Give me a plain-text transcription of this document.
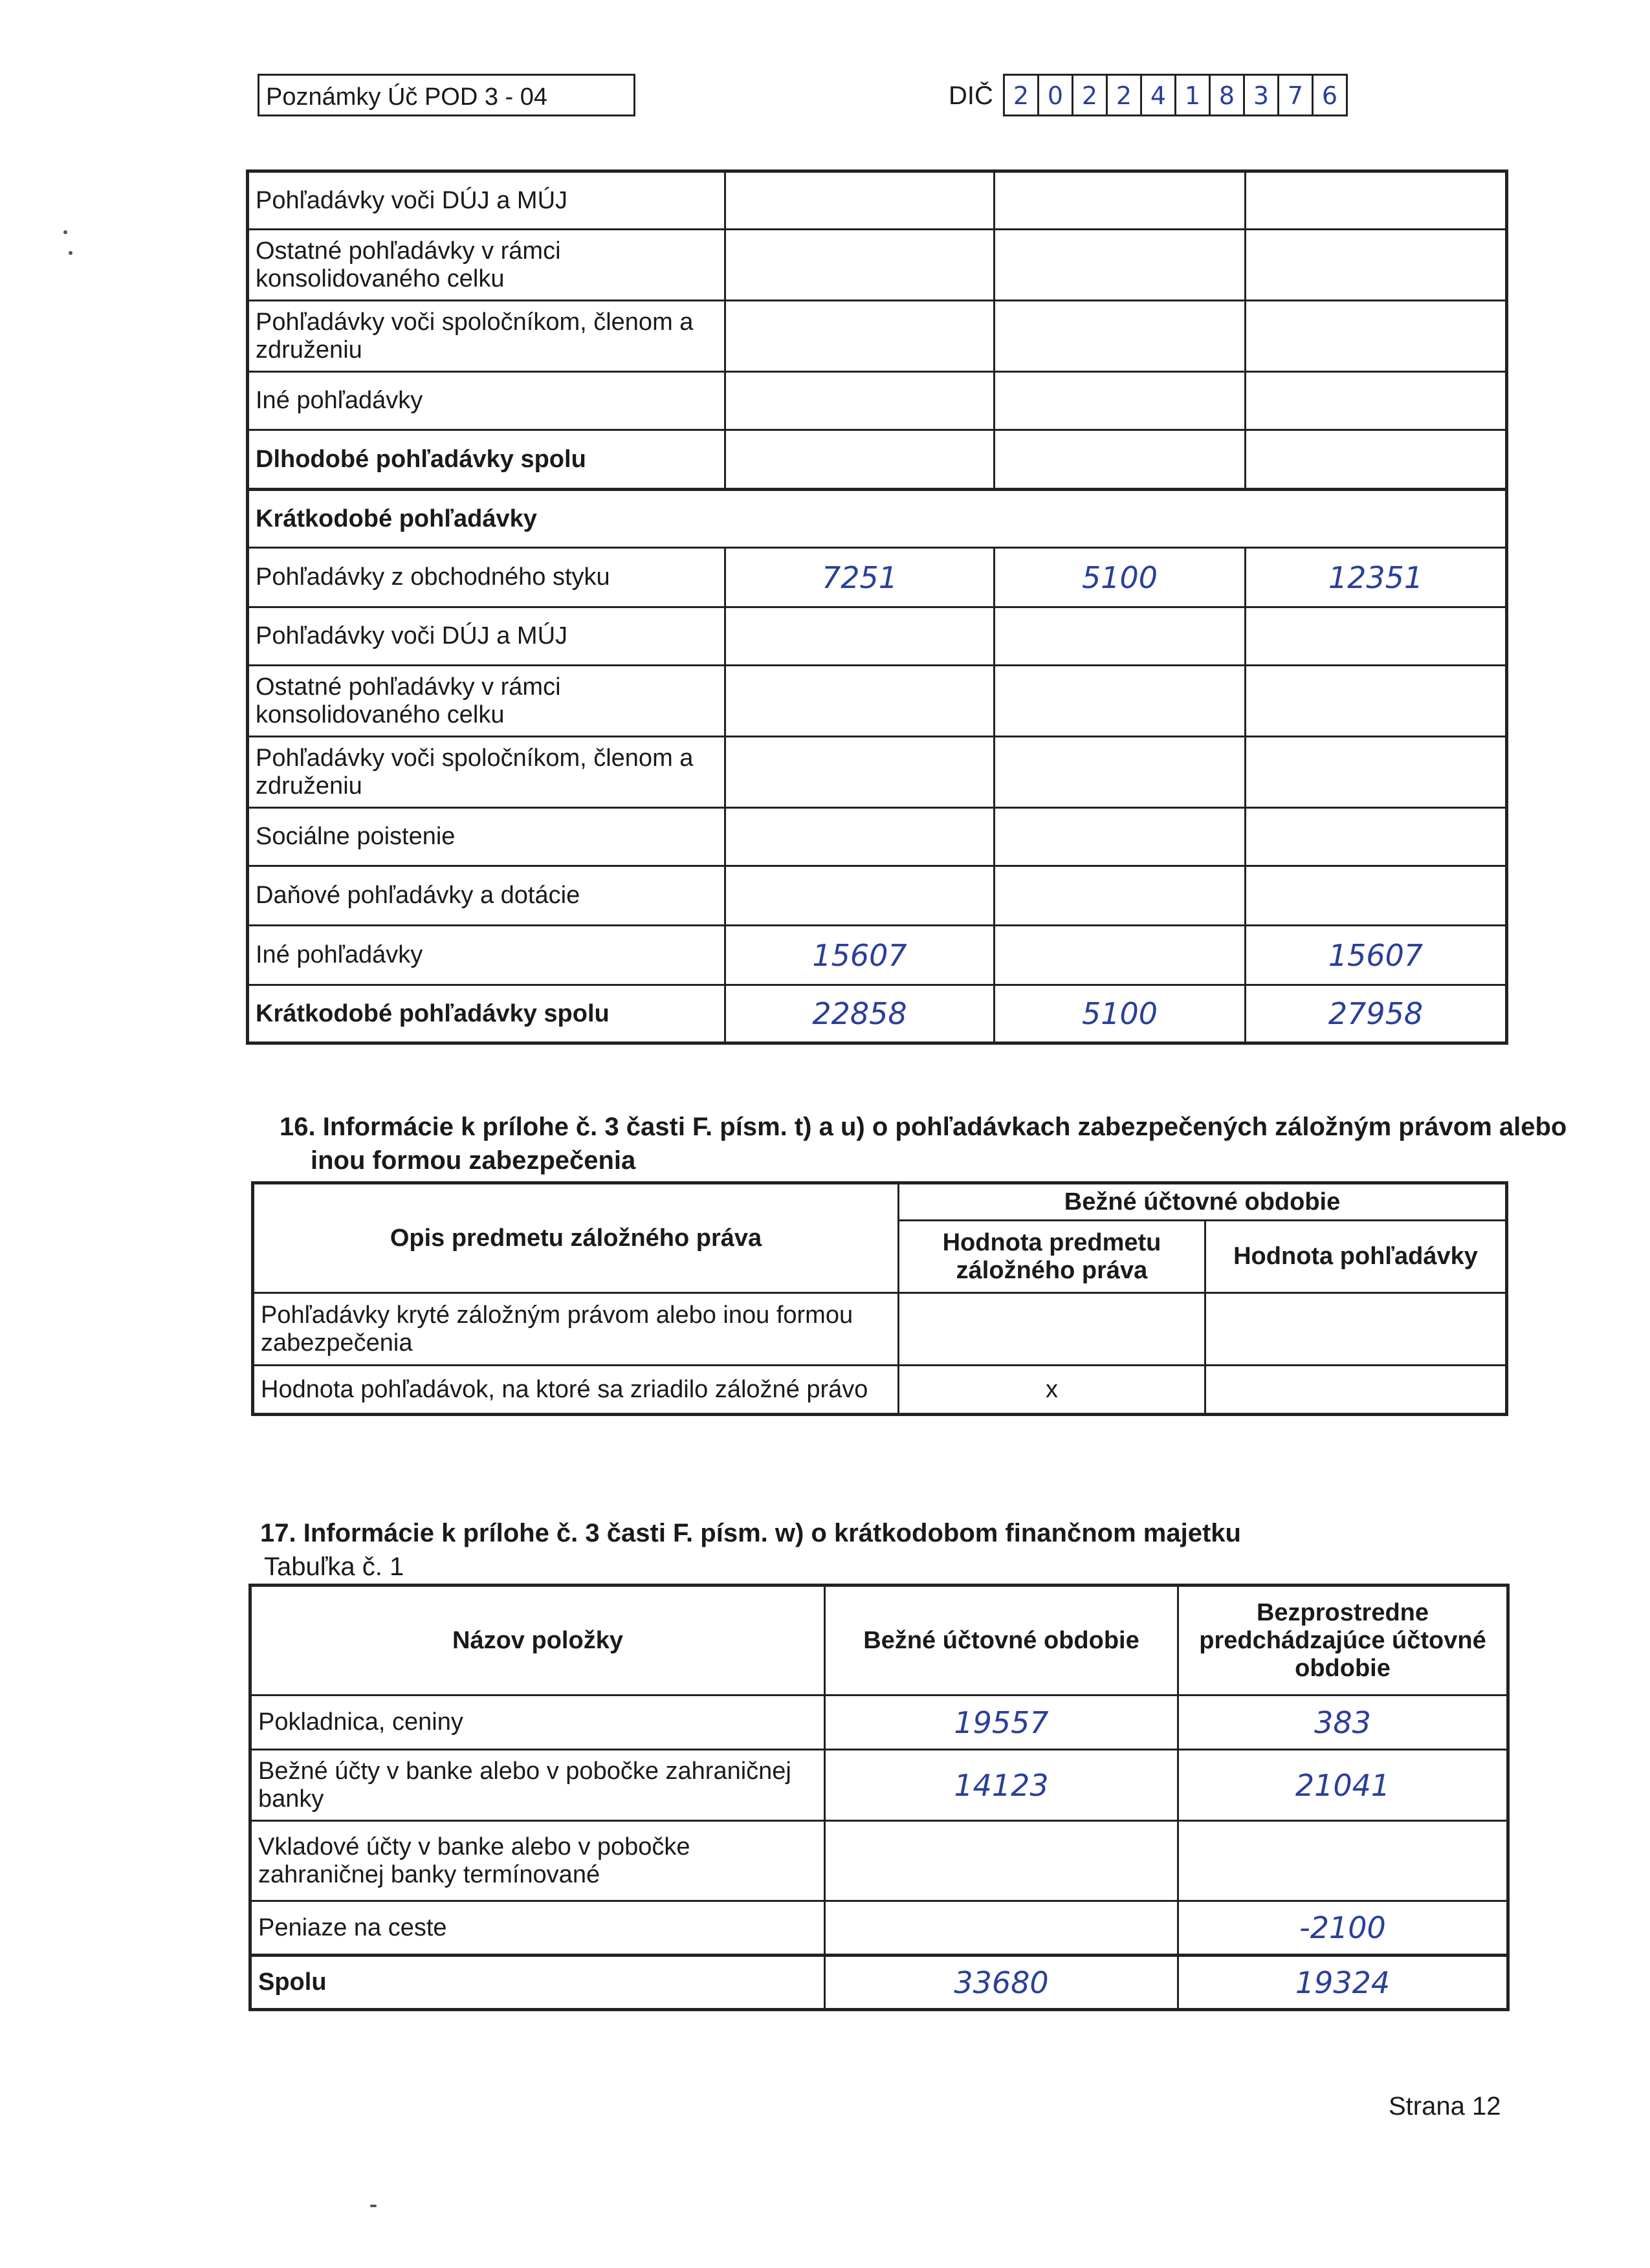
Poznámky Úč POD 3 - 04	DIČ 2 0 2 2 4 1 8 3 7 6
Pohľadávky voči DÚJ a MÚJ			
Ostatné pohľadávky v rámci konsolidovaného celku			
Pohľadávky voči spoločníkom, členom a združeniu			
Iné pohľadávky			
Dlhodobé pohľadávky spolu			
Krátkodobé pohľadávky			
Pohľadávky z obchodného styku	7251	5100	12351
Pohľadávky voči DÚJ a MÚJ			
Ostatné pohľadávky v rámci konsolidovaného celku			
Pohľadávky voči spoločníkom, členom a združeniu			
Sociálne poistenie			
Daňové pohľadávky a dotácie			
Iné pohľadávky	15607		15607
Krátkodobé pohľadávky spolu	22858	5100	27958
16. Informácie k prílohe č. 3 časti F. písm. t) a u) o pohľadávkach zabezpečených záložným právom alebo
inou formou zabezpečenia
Opis predmetu záložného práva	Bežné účtovné obdobie	
	Hodnota predmetu záložného práva	Hodnota pohľadávky
Pohľadávky kryté záložným právom alebo inou formou zabezpečenia		
Hodnota pohľadávok, na ktoré sa zriadilo záložné právo	x	
17. Informácie k prílohe č. 3 časti F. písm. w) o krátkodobom finančnom majetku
Tabuľka č. 1
Názov položky	Bežné účtovné obdobie	Bezprostredne predchádzajúce účtovné obdobie
Pokladnica, ceniny	19557	383
Bežné účty v banke alebo v pobočke zahraničnej banky	14123	21041
Vkladové účty v banke alebo v pobočke zahraničnej banky termínované		
Peniaze na ceste		-2100
Spolu	33680	19324
Strana 12
